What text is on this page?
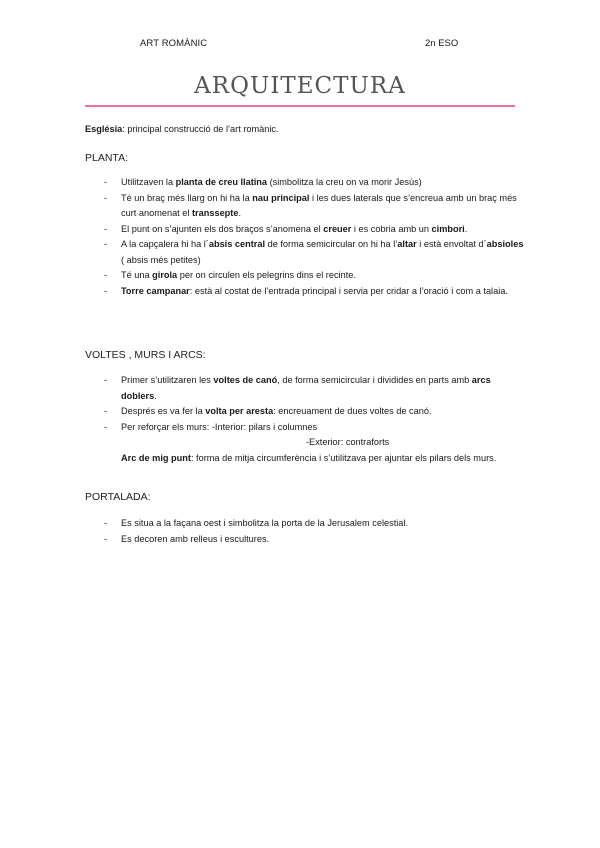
ART ROMÀNIC	2n ESO
ARQUITECTURA
Església: principal construcció de l’art romànic.
PLANTA:
- Utilitzaven la planta de creu llatina (simbolitza la creu on va morir Jesús)
- Té un braç més llarg on hi ha la nau principal i les dues laterals que s’encreua amb un braç més curt anomenat el transsepte.
- El punt on s’ajunten els dos braços s’anomena el creuer i es cobria amb un cimbori.
- A la capçalera hi ha l´absis central de forma semicircular on hi ha l’altar i està envoltat d´absioles ( absis més petites)
- Té una girola per on circulen els pelegrins dins el recinte.
- Torre campanar: està al costat de l’entrada principal i servia per cridar a l’oració i com a talaia.
VOLTES , MURS I ARCS:
- Primer s’utilitzaren les voltes de canó, de forma semicircular i dividides en parts amb arcs doblers.
- Després es va fer la volta per aresta: encreuament de dues voltes de canó.
- Per reforçar els murs: -Interior: pilars i columnes
-Exterior: contraforts
Arc de mig punt: forma de mitja circumferència i s’utilitzava per ajuntar els pilars dels murs.
PORTALADA:
- Es situa a la façana oest i simbolitza la porta de la Jerusalem celestial.
- Es decoren amb relleus i escultures.
